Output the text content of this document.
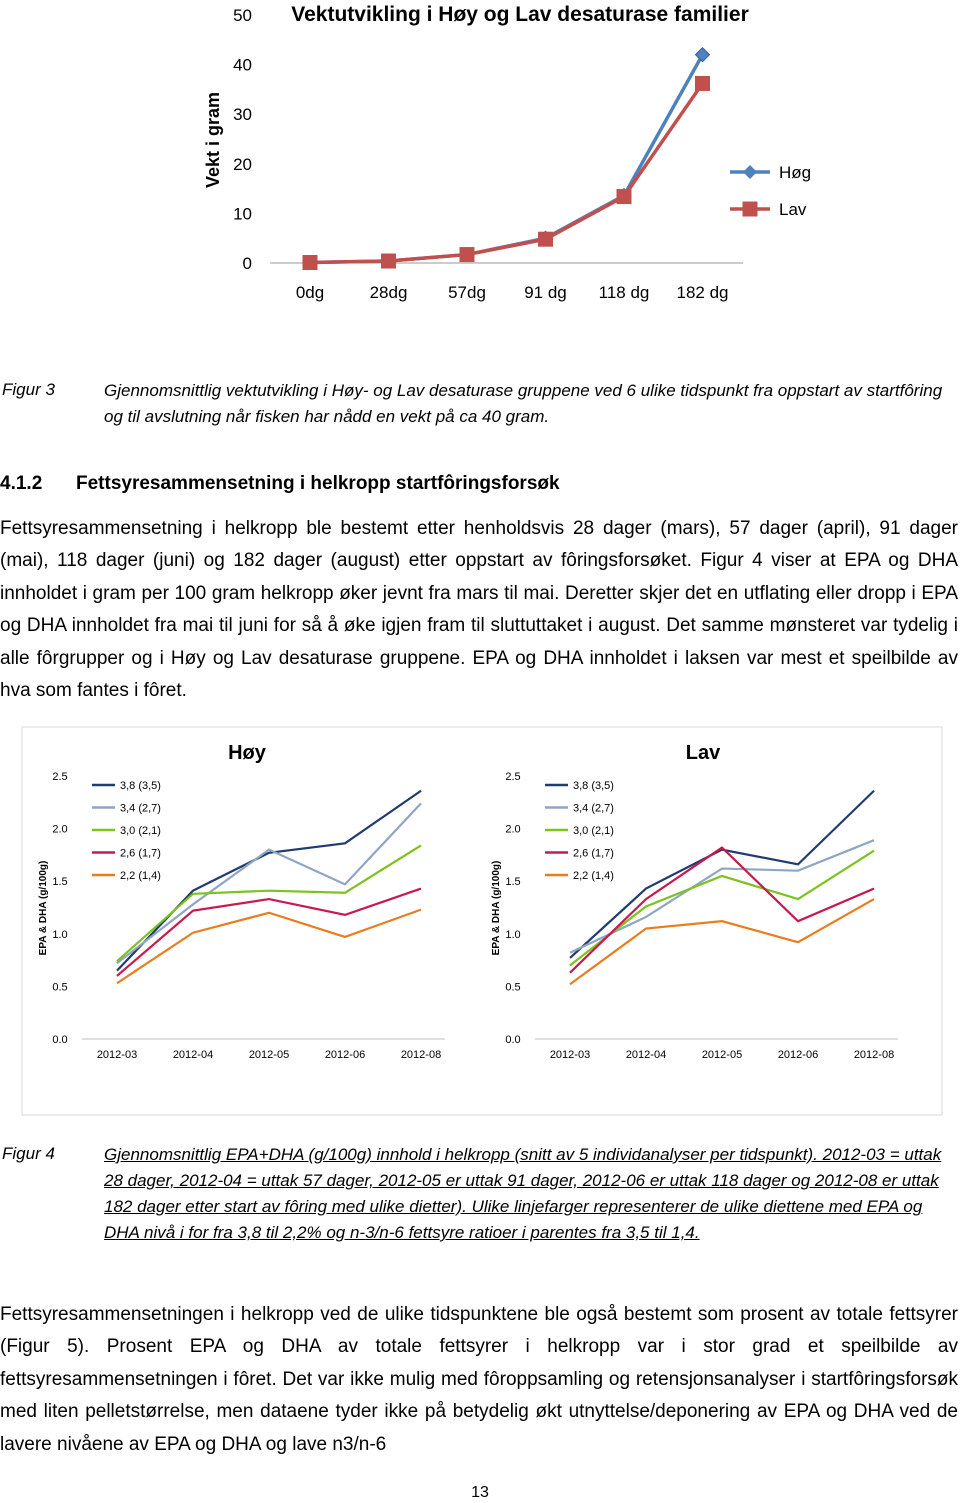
Vektutvikling i Høy og Lav desaturase familier
Vekt i gram
0
10
20
30
40
50
0dg	28dg 57dg 91 dg 118 dg 182 dg
Høg
Lav
Figur 3	Gjennomsnittlig vektutvikling i Høy- og Lav desaturase gruppene ved 6 ulike tidspunkt fra oppstart av startfôring og til avslutning når fisken har nådd en vekt på ca 40 gram.
4.1.2 Fettsyresammensetning i helkropp startfôringsforsøk
Fettsyresammensetning i helkropp ble bestemt etter henholdsvis 28 dager (mars), 57 dager (april), 91 dager (mai), 118 dager (juni) og 182 dager (august) etter oppstart av fôringsforsøket. Figur 4 viser at EPA og DHA innholdet i gram per 100 gram helkropp øker jevnt fra mars til mai. Deretter skjer det en utflating eller dropp i EPA og DHA innholdet fra mai til juni for så å øke igjen fram til sluttuttaket i august. Det samme mønsteret var tydelig i alle fôrgrupper og i Høy og Lav desaturase gruppene. EPA og DHA innholdet i laksen var mest et speilbilde av hva som fantes i fôret.
Høy
EPA & DHA (g/100g)
0.0
0.5
1.0
1.5
2.0
2.5
2012-03	2012-04	2012-05	2012-06	2012-08
3,8 (3,5)
3,4 (2,7)
3,0 (2,1)
2,6 (1,7)
2,2 (1,4)
Lav
EPA & DHA (g/100g)
0.0
0.5
1.0
1.5
2.0
2.5
2012-03	2012-04	2012-05	2012-06	2012-08
3,8 (3,5)
3,4 (2,7)
3,0 (2,1)
2,6 (1,7)
2,2 (1,4)
Figur 4	Gjennomsnittlig EPA+DHA (g/100g) innhold i helkropp (snitt av 5 individanalyser per tidspunkt). 2012-03 = uttak 28 dager, 2012-04 = uttak 57 dager, 2012-05 er uttak 91 dager, 2012-06 er uttak 118 dager og 2012-08 er uttak 182 dager etter start av fôring med ulike dietter). Ulike linjefarger representerer de ulike diettene med EPA og DHA nivå i for fra 3,8 til 2,2% og n-3/n-6 fettsyre ratioer i parentes fra 3,5 til 1,4.
Fettsyresammensetningen i helkropp ved de ulike tidspunktene ble også bestemt som prosent av totale fettsyrer (Figur 5). Prosent EPA og DHA av totale fettsyrer i helkropp var i stor grad et speilbilde av fettsyresammensetningen i fôret. Det var ikke mulig med fôroppsamling og retensjonsanalyser i startfôringsforsøk med liten pelletstørrelse, men dataene tyder ikke på betydelig økt utnyttelse/deponering av EPA og DHA ved de lavere nivåene av EPA og DHA og lave n3/n-6
13
